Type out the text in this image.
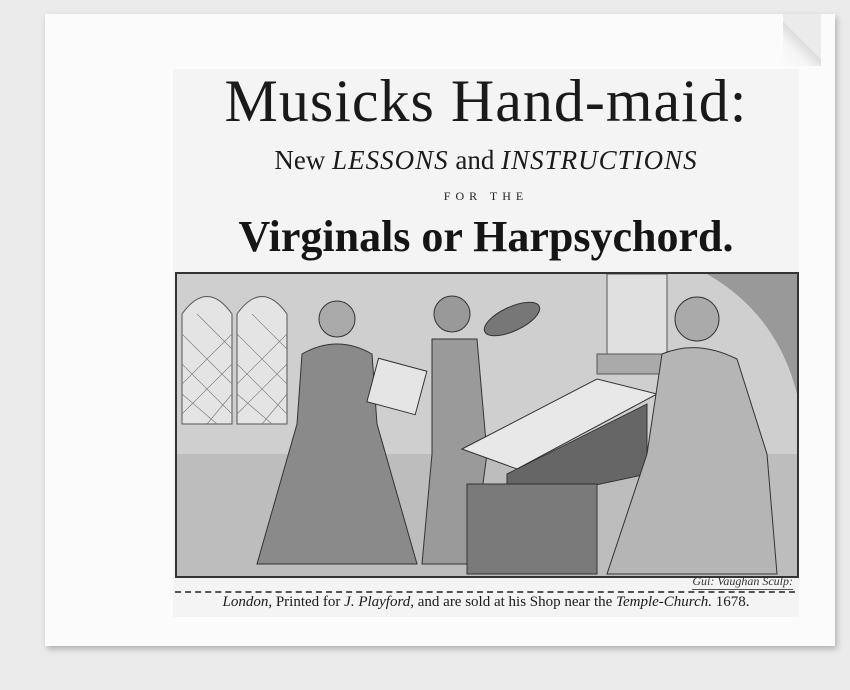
Musicks Hand-maid:
New LESSONS and INSTRUCTIONS
FOR THE
Virginals or Harpsychord.
Gui: Vaughan Sculp:
London, Printed for J. Playford, and are sold at his Shop near the Temple-Church. 1678.
